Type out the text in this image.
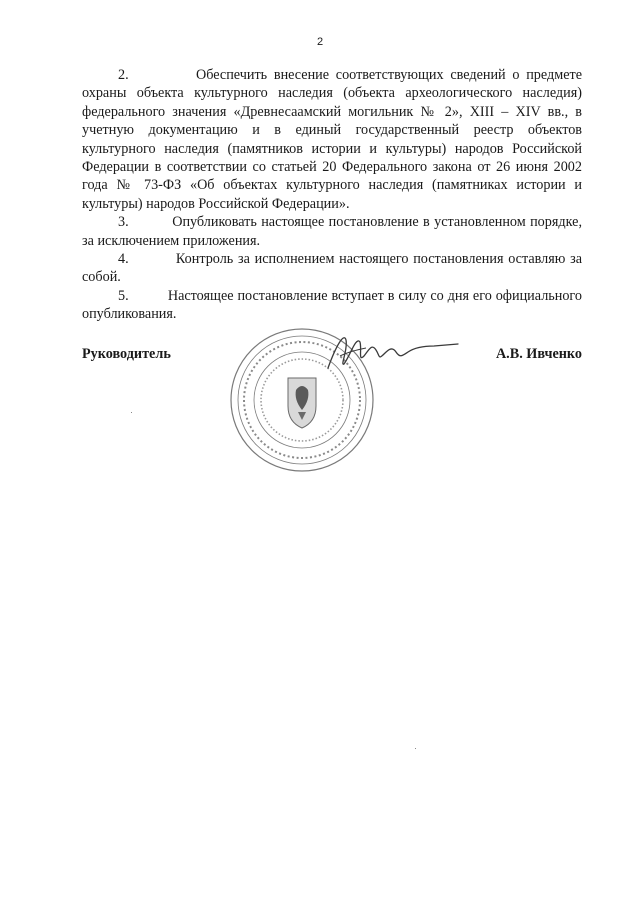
2

2.          Обеспечить внесение соответствующих сведений о предмете охраны объекта культурного наследия (объекта археологического наследия) федерального значения «Древнесаамский могильник № 2», XIII – XIV вв., в учетную документацию и в единый государственный реестр объектов культурного наследия (памятников истории и культуры) народов Российской Федерации в соответствии со статьей 20 Федерального закона от 26 июня 2002 года № 73-ФЗ «Об объектах культурного наследия (памятниках истории и культуры) народов Российской Федерации».

3.          Опубликовать настоящее постановление в установленном порядке, за исключением приложения.

4.          Контроль за исполнением настоящего постановления оставляю за собой.

5.          Настоящее постановление вступает в силу со дня его официального опубликования.

Руководитель	А.В. Ивченко
